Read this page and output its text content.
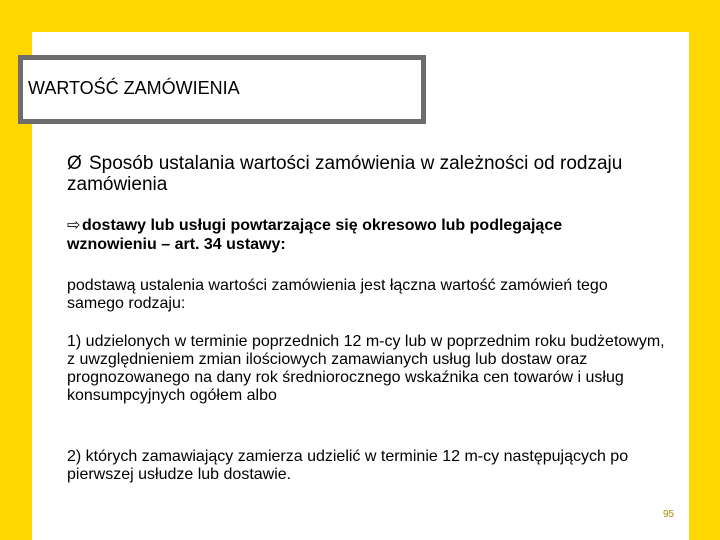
WARTOŚĆ ZAMÓWIENIA
Ø Sposób ustalania wartości zamówienia w zależności od rodzaju zamówienia
⇨dostawy lub usługi powtarzające się okresowo lub podlegające wznowieniu – art. 34 ustawy:
podstawą ustalenia wartości zamówienia jest łączna wartość zamówień tego samego rodzaju:
1) udzielonych w terminie poprzednich 12 m-cy lub w poprzednim roku budżetowym, z uwzględnieniem zmian ilościowych zamawianych usług lub dostaw oraz prognozowanego na dany rok średniorocznego wskaźnika cen towarów i usług konsumpcyjnych ogółem albo
2) których zamawiający zamierza udzielić w terminie 12 m-cy następujących po pierwszej usłudze lub dostawie.
95
